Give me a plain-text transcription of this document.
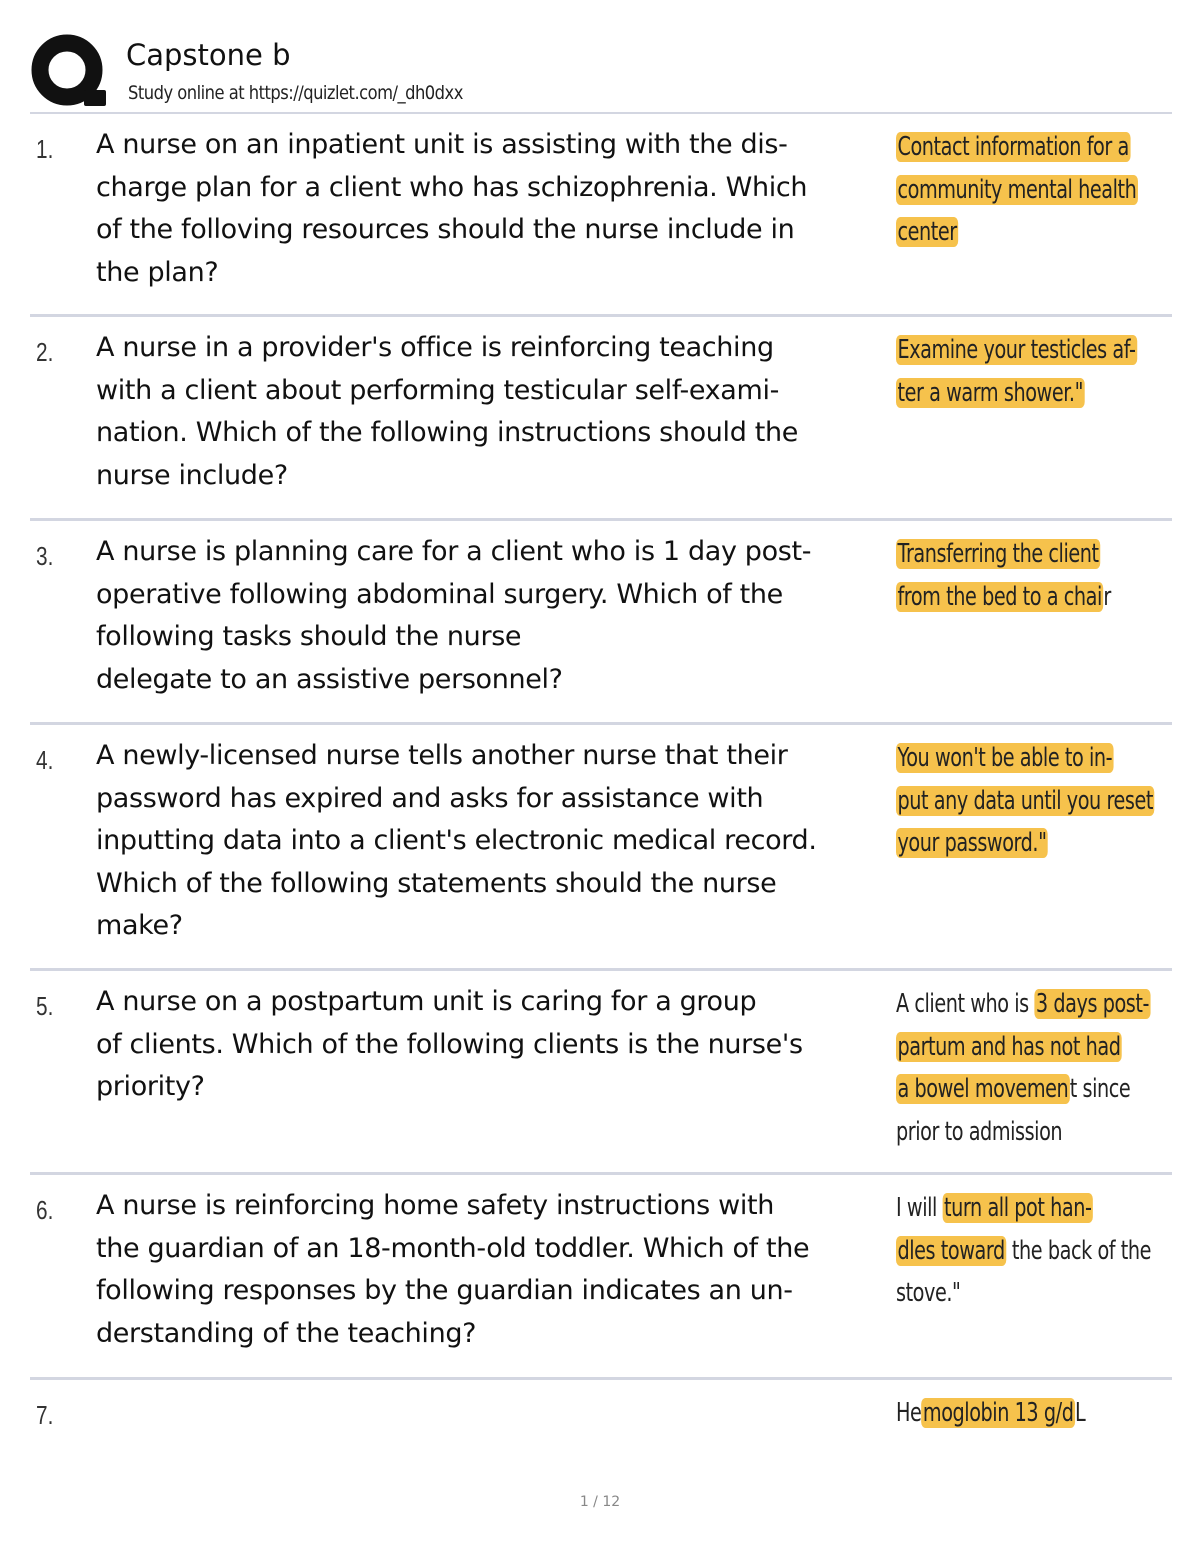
Capstone b
Study online at https://quizlet.com/_dh0dxx
1. A nurse on an inpatient unit is assisting with the dis-
charge plan for a client who has schizophrenia. Which
of the folloving resources should the nurse include in
the plan?
Contact information for a
community mental health
center
2. A nurse in a provider's office is reinforcing teaching
with a client about performing testicular self-exami-
nation. Which of the following instructions should the
nurse include?
Examine your testicles af-
ter a warm shower."
3. A nurse is planning care for a client who is 1 day post-
operative following abdominal surgery. Which of the
following tasks should the nurse
delegate to an assistive personnel?
Transferring the client
from the bed to a chair
4. A newly-licensed nurse tells another nurse that their
password has expired and asks for assistance with
inputting data into a client's electronic medical record.
Which of the following statements should the nurse
make?
You won't be able to in-
put any data until you reset
your password."
5. A nurse on a postpartum unit is caring for a group
of clients. Which of the following clients is the nurse's
priority?
A client who is 3 days post-
partum and has not had
a bowel movement since
prior to admission
6. A nurse is reinforcing home safety instructions with
the guardian of an 18-month-old toddler. Which of the
following responses by the guardian indicates an un-
derstanding of the teaching?
I will turn all pot han-
dles toward the back of the
stove."
7.	Hemoglobin 13 g/dL
1 / 12
